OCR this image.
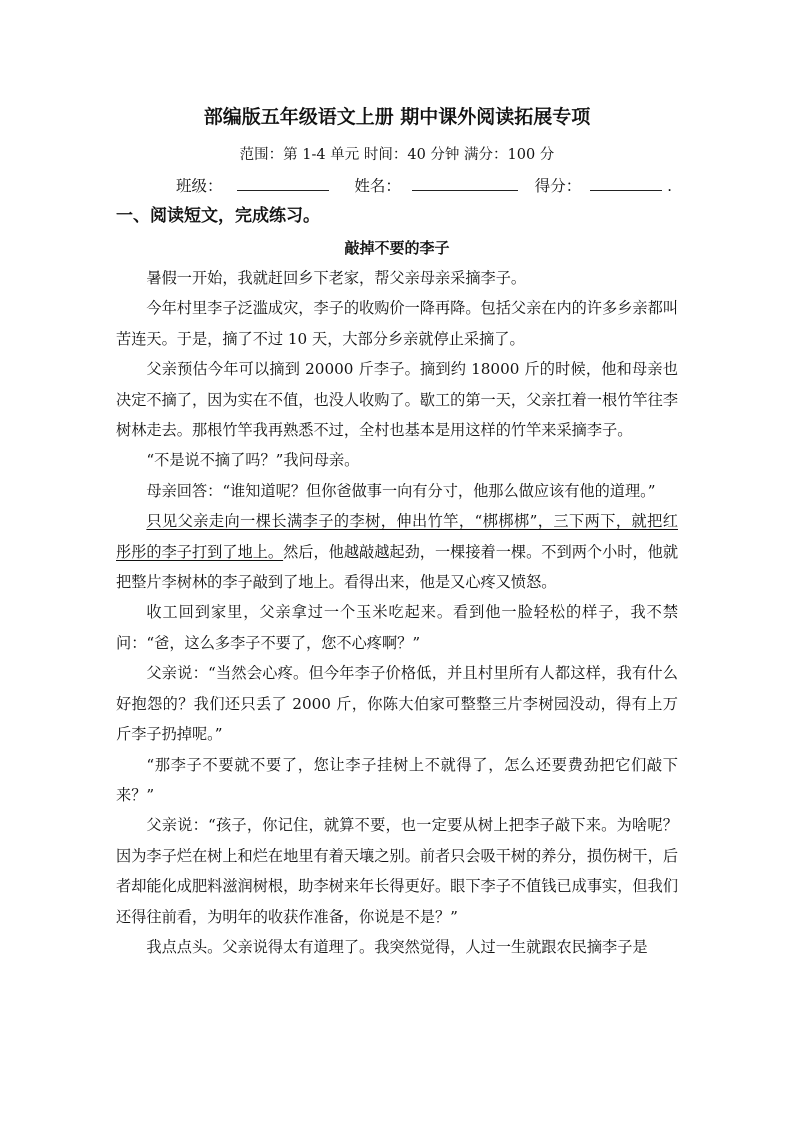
部编版五年级语文上册 期中课外阅读拓展专项

范围：第 1-4 单元 时间：40 分钟 满分：100 分

班级：	姓名：	得分：	.
一、阅读短文，完成练习。
敲掉不要的李子

暑假一开始，我就赶回乡下老家，帮父亲母亲采摘李子。

今年村里李子泛滥成灾，李子的收购价一降再降。包括父亲在内的许多乡亲都叫苦连天。于是，摘了不过 10 天，大部分乡亲就停止采摘了。

父亲预估今年可以摘到 20000 斤李子。摘到约 18000 斤的时候，他和母亲也决定不摘了，因为实在不值，也没人收购了。歇工的第一天，父亲扛着一根竹竿往李树林走去。那根竹竿我再熟悉不过，全村也基本是用这样的竹竿来采摘李子。

“不是说不摘了吗？”我问母亲。

母亲回答：“谁知道呢？但你爸做事一向有分寸，他那么做应该有他的道理。”

只见父亲走向一棵长满李子的李树，伸出竹竿，“梆梆梆”，三下两下，就把红彤彤的李子打到了地上。然后，他越敲越起劲，一棵接着一棵。不到两个小时，他就把整片李树林的李子敲到了地上。看得出来，他是又心疼又愤怒。

收工回到家里，父亲拿过一个玉米吃起来。看到他一脸轻松的样子，我不禁问：“爸，这么多李子不要了，您不心疼啊？”

父亲说：“当然会心疼。但今年李子价格低，并且村里所有人都这样，我有什么好抱怨的？我们还只丢了 2000 斤，你陈大伯家可整整三片李树园没动，得有上万斤李子扔掉呢。”

“那李子不要就不要了，您让李子挂树上不就得了，怎么还要费劲把它们敲下来？”

父亲说：“孩子，你记住，就算不要，也一定要从树上把李子敲下来。为啥呢？因为李子烂在树上和烂在地里有着天壤之别。前者只会吸干树的养分，损伤树干，后者却能化成肥料滋润树根，助李树来年长得更好。眼下李子不值钱已成事实，但我们还得往前看，为明年的收获作准备，你说是不是？”

我点点头。父亲说得太有道理了。我突然觉得，人过一生就跟农民摘李子是
